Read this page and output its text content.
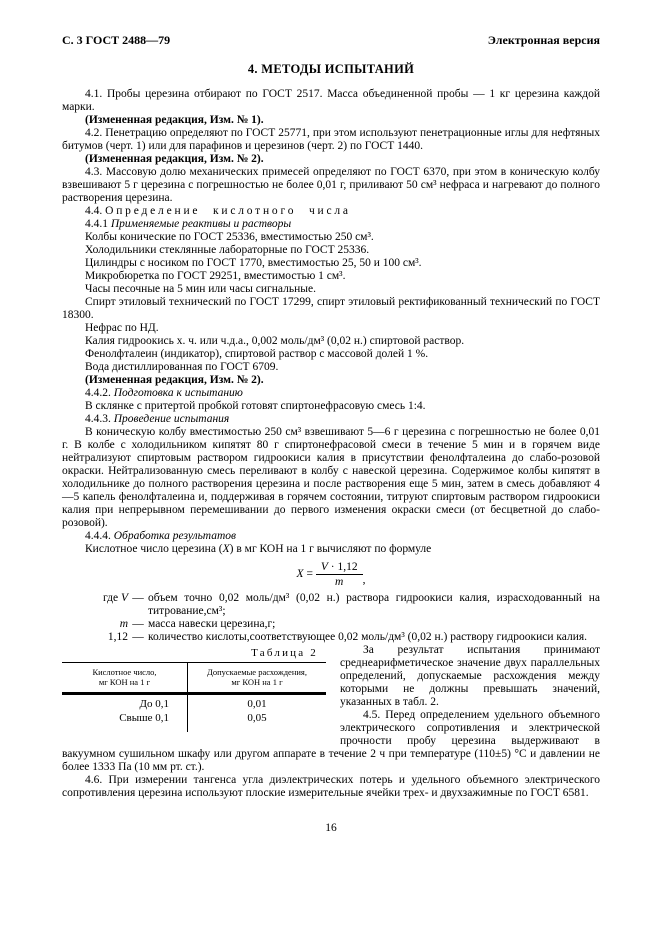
С. 3 ГОСТ 2488—79	Электронная версия

4. МЕТОДЫ ИСПЫТАНИЙ

4.1. Пробы церезина отбирают по ГОСТ 2517. Масса объединенной пробы — 1 кг церезина каждой марки.

(Измененная редакция, Изм. № 1).

4.2. Пенетрацию определяют по ГОСТ 25771, при этом используют пенетрационные иглы для нефтяных битумов (черт. 1) или для парафинов и церезинов (черт. 2) по ГОСТ 1440.

(Измененная редакция, Изм. № 2).

4.3. Массовую долю механических примесей определяют по ГОСТ 6370, при этом в коническую колбу взвешивают 5 г церезина с погрешностью не более 0,01 г, приливают 50 см³ нефраса и нагревают до полного растворения церезина.

4.4. Определение кислотного числа

4.4.1 Применяемые реактивы и растворы

Колбы конические по ГОСТ 25336, вместимостью 250 см³.

Холодильники стеклянные лабораторные по ГОСТ 25336.

Цилиндры с носиком по ГОСТ 1770, вместимостью 25, 50 и 100 см³.

Микробюретка по ГОСТ 29251, вместимостью 1 см³.

Часы песочные на 5 мин или часы сигнальные.

Спирт этиловый технический по ГОСТ 17299, спирт этиловый ректификованный технический по ГОСТ 18300.

Нефрас по НД.

Калия гидроокись х. ч. или ч.д.а., 0,002 моль/дм³ (0,02 н.) спиртовой раствор.

Фенолфталеин (индикатор), спиртовой раствор с массовой долей 1 %.

Вода дистиллированная по ГОСТ 6709.

(Измененная редакция, Изм. № 2).

4.4.2. Подготовка к испытанию

В склянке с притертой пробкой готовят спиртонефрасовую смесь 1:4.

4.4.3. Проведение испытания

В коническую колбу вместимостью 250 см³ взвешивают 5—6 г церезина с погрешностью не более 0,01 г. В колбе с холодильником кипятят 80 г спиртонефрасовой смеси в течение 5 мин и в горячем виде нейтрализуют спиртовым раствором гидроокиси калия в присутствии фенолфталеина до слабо-розовой окраски. Нейтрализованную смесь переливают в колбу с навеской церезина. Содержимое колбы кипятят в холодильнике до полного растворения церезина и после растворения еще 5 мин, затем в смесь добавляют 4—5 капель фенолфталеина и, поддерживая в горячем состоянии, титруют спиртовым раствором гидроокиси калия при непрерывном перемешивании до первого изменения окраски смеси (от бесцветной до слабо-розовой).

4.4.4. Обработка результатов

Кислотное число церезина (X) в мг КОН на 1 г вычисляют по формуле

$X = \frac{V \cdot 1,12}{m}$ ,
где V — объем точно 0,02 моль/дм³ (0,02 н.) раствора гидроокиси калия, израсходованный на титрование,см³;
m — масса навески церезина,г;
1,12 — количество кислоты,соответствующее 0,02 моль/дм³ (0,02 н.) раствору гидроокиси калия.

Таблица 2

Кислотное число,
мг КОН на 1 г	Допускаемые расхождения,
мг КОН на 1 г

До 0,1	0,01
Свыше 0,1	0,05

За результат испытания принимают среднеарифметическое значение двух параллельных определений, допускаемые расхождения между которыми не должны превышать значений, указанных в табл. 2.

4.5. Перед определением удельного объемного электрического сопротивления и электрической прочности пробу церезина выдерживают в вакуумном сушильном шкафу или другом аппарате в течение 2 ч при температуре (110±5) °С и давлении не более 1333 Па (10 мм рт. ст.).

4.6. При измерении тангенса угла диэлектрических потерь и удельного объемного электрического сопротивления церезина используют плоские измерительные ячейки трех- и двухзажимные по ГОСТ 6581.

16
